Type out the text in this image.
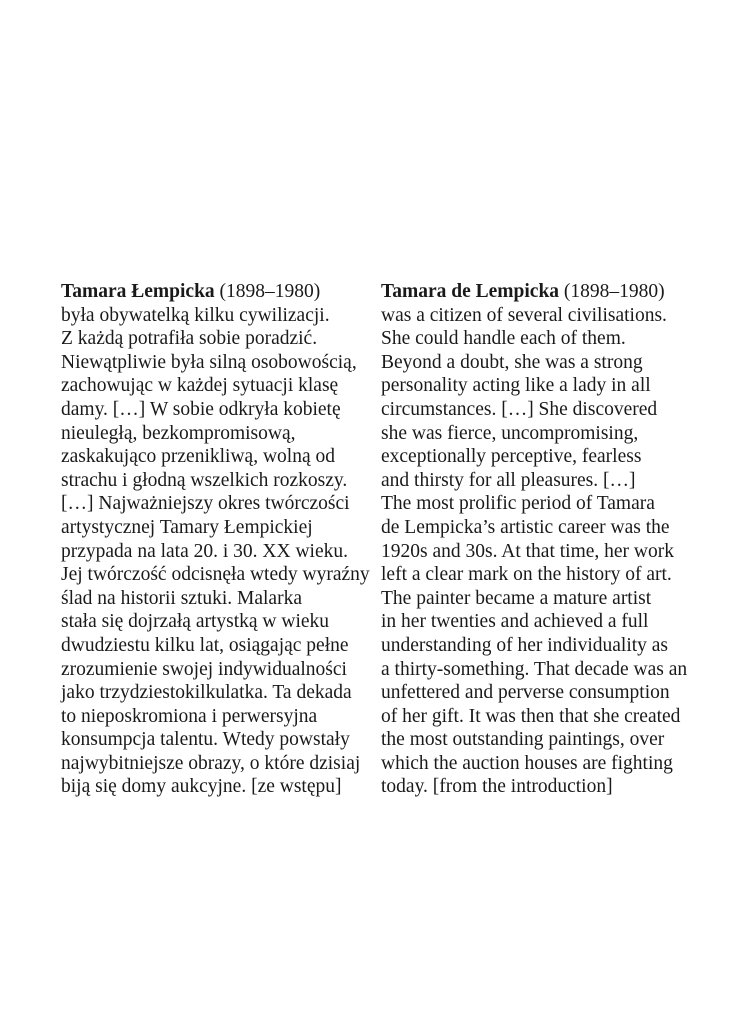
Tamara Łempicka (1898–1980)
była obywatelką kilku cywilizacji.
Z każdą potrafiła sobie poradzić.
Niewątpliwie była silną osobowością,
zachowując w każdej sytuacji klasę
damy. […] W sobie odkryła kobietę
nieuległą, bezkompromisową,
zaskakująco przenikliwą, wolną od
strachu i głodną wszelkich rozkoszy.
[…] Najważniejszy okres twórczości
artystycznej Tamary Łempickiej
przypada na lata 20. i 30. XX wieku.
Jej twórczość odcisnęła wtedy wyraźny
ślad na historii sztuki. Malarka
stała się dojrzałą artystką w wieku
dwudziestu kilku lat, osiągając pełne
zrozumienie swojej indywidualności
jako trzydziestokilkulatka. Ta dekada
to nieposkromiona i perwersyjna
konsumpcja talentu. Wtedy powstały
najwybitniejsze obrazy, o które dzisiaj
biją się domy aukcyjne. [ze wstępu]
Tamara de Lempicka (1898–1980)
was a citizen of several civilisations.
She could handle each of them.
Beyond a doubt, she was a strong
personality acting like a lady in all
circumstances. […] She discovered
she was fierce, uncompromising,
exceptionally perceptive, fearless
and thirsty for all pleasures. […]
The most prolific period of Tamara
de Lempicka’s artistic career was the
1920s and 30s. At that time, her work
left a clear mark on the history of art.
The painter became a mature artist
in her twenties and achieved a full
understanding of her individuality as
a thirty-something. That decade was an
unfettered and perverse consumption
of her gift. It was then that she created
the most outstanding paintings, over
which the auction houses are fighting
today. [from the introduction]
